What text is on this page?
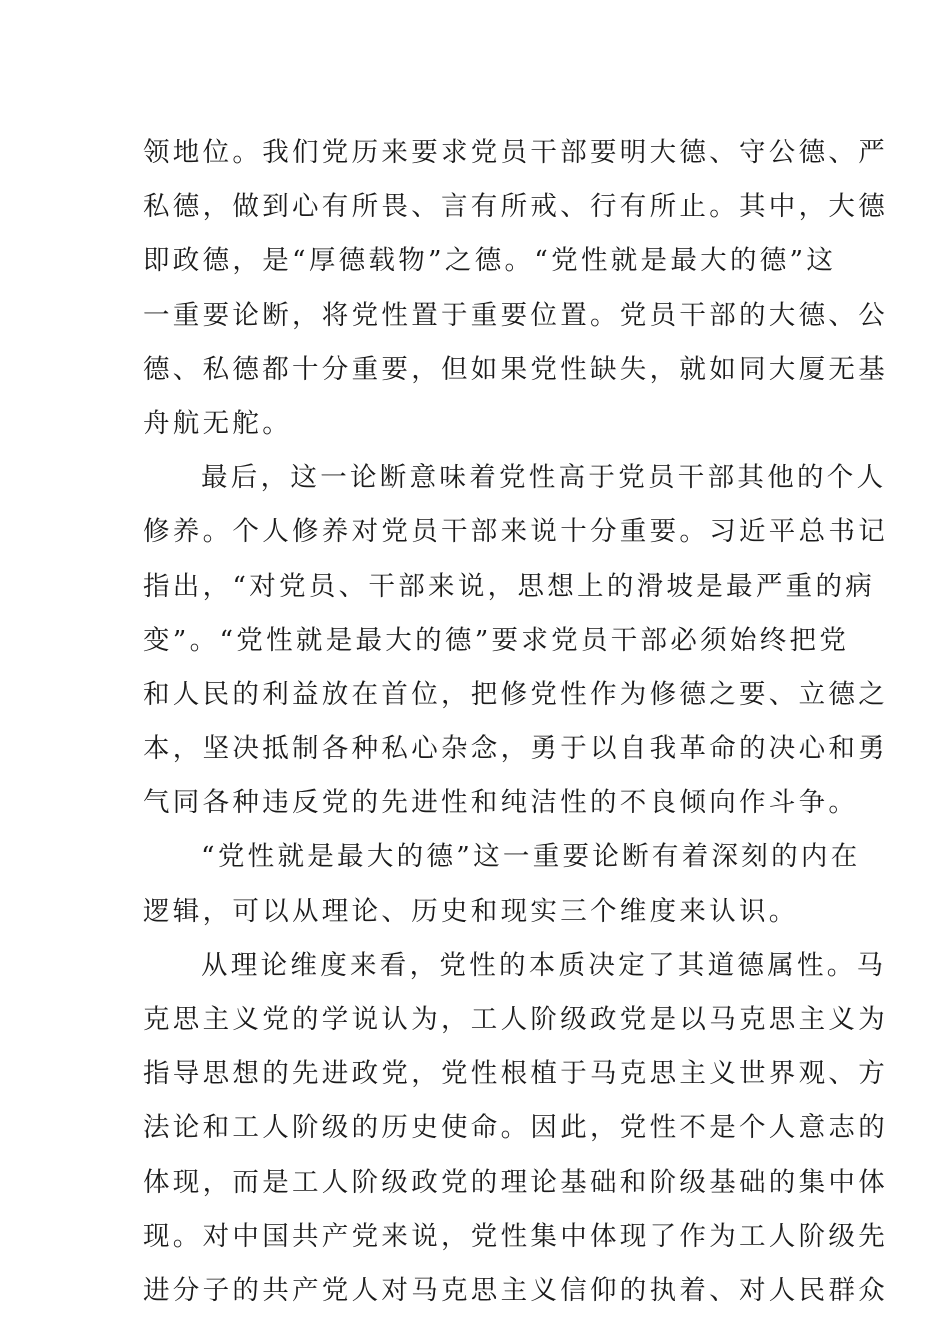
领地位。我们党历来要求党员干部要明大德、守公德、严
私德，做到心有所畏、言有所戒、行有所止。其中，大德
即政德，是“厚德载物”之德。“党性就是最大的德”这
一重要论断，将党性置于重要位置。党员干部的大德、公
德、私德都十分重要，但如果党性缺失，就如同大厦无基
舟航无舵。
最后，这一论断意味着党性高于党员干部其他的个人
修养。个人修养对党员干部来说十分重要。习近平总书记
指出，“对党员、干部来说，思想上的滑坡是最严重的病
变”。“党性就是最大的德”要求党员干部必须始终把党
和人民的利益放在首位，把修党性作为修德之要、立德之
本，坚决抵制各种私心杂念，勇于以自我革命的决心和勇
气同各种违反党的先进性和纯洁性的不良倾向作斗争。
“党性就是最大的德”这一重要论断有着深刻的内在
逻辑，可以从理论、历史和现实三个维度来认识。
从理论维度来看，党性的本质决定了其道德属性。马
克思主义党的学说认为，工人阶级政党是以马克思主义为
指导思想的先进政党，党性根植于马克思主义世界观、方
法论和工人阶级的历史使命。因此，党性不是个人意志的
体现，而是工人阶级政党的理论基础和阶级基础的集中体
现。对中国共产党来说，党性集中体现了作为工人阶级先
进分子的共产党人对马克思主义信仰的执着、对人民群众
